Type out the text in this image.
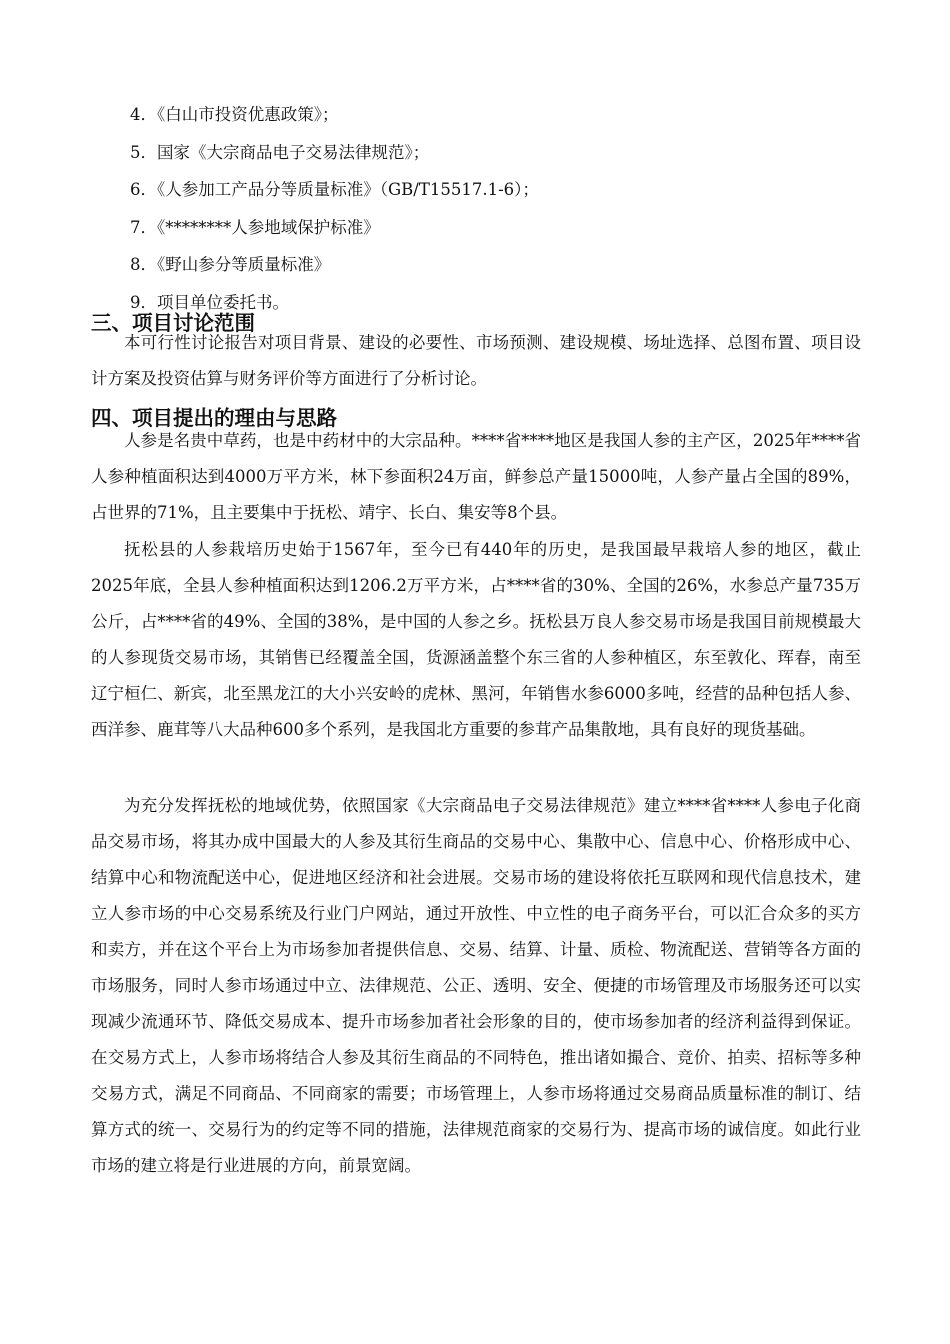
4．《白山市投资优惠政策》；
5．国家《大宗商品电子交易法律规范》；
6．《人参加工产品分等质量标准》（GB/T15517.1-6）；
7．《********人参地域保护标准》
8．《野山参分等质量标准》
9．项目单位委托书。
三、项目讨论范围

本可行性讨论报告对项目背景、建设的必要性、市场预测、建设规模、场址选择、总图布置、项目设计方案及投资估算与财务评价等方面进行了分析讨论。

四、项目提出的理由与思路

人参是名贵中草药，也是中药材中的大宗品种。****省****地区是我国人参的主产区，2025年****省人参种植面积达到4000万平方米，林下参面积24万亩，鲜参总产量15000吨，人参产量占全国的89%，占世界的71%，且主要集中于抚松、靖宇、长白、集安等8个县。

抚松县的人参栽培历史始于1567年，至今已有440年的历史，是我国最早栽培人参的地区，截止2025年底，全县人参种植面积达到1206.2万平方米，占****省的30%、全国的26%，水参总产量735万公斤，占****省的49%、全国的38%，是中国的人参之乡。抚松县万良人参交易市场是我国目前规模最大的人参现货交易市场，其销售已经覆盖全国，货源涵盖整个东三省的人参种植区，东至敦化、珲春，南至辽宁桓仁、新宾，北至黑龙江的大小兴安岭的虎林、黑河，年销售水参6000多吨，经营的品种包括人参、西洋参、鹿茸等八大品种600多个系列，是我国北方重要的参茸产品集散地，具有良好的现货基础。

为充分发挥抚松的地域优势，依照国家《大宗商品电子交易法律规范》建立****省****人参电子化商品交易市场，将其办成中国最大的人参及其衍生商品的交易中心、集散中心、信息中心、价格形成中心、结算中心和物流配送中心，促进地区经济和社会进展。交易市场的建设将依托互联网和现代信息技术，建立人参市场的中心交易系统及行业门户网站，通过开放性、中立性的电子商务平台，可以汇合众多的买方和卖方，并在这个平台上为市场参加者提供信息、交易、结算、计量、质检、物流配送、营销等各方面的市场服务，同时人参市场通过中立、法律规范、公正、透明、安全、便捷的市场管理及市场服务还可以实现减少流通环节、降低交易成本、提升市场参加者社会形象的目的，使市场参加者的经济利益得到保证。在交易方式上，人参市场将结合人参及其衍生商品的不同特色，推出诸如撮合、竞价、拍卖、招标等多种交易方式，满足不同商品、不同商家的需要；市场管理上，人参市场将通过交易商品质量标准的制订、结算方式的统一、交易行为的约定等不同的措施，法律规范商家的交易行为、提高市场的诚信度。如此行业市场的建立将是行业进展的方向，前景宽阔。
